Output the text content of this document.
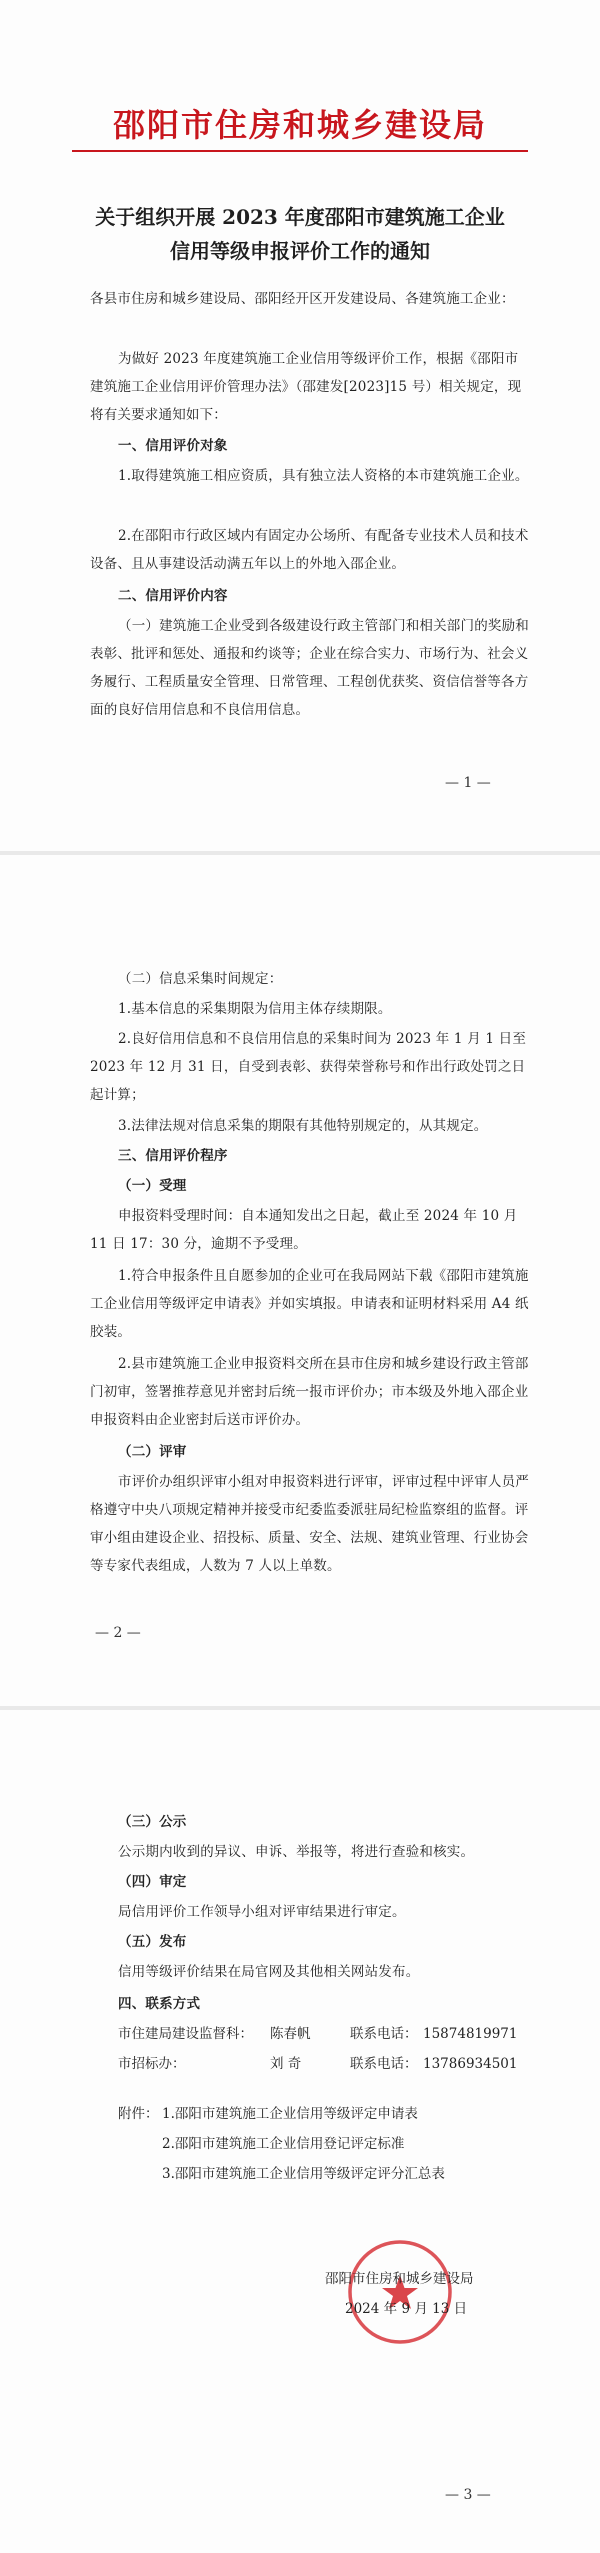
邵阳市住房和城乡建设局
关于组织开展 2023 年度邵阳市建筑施工企业
信用等级申报评价工作的通知

各县市住房和城乡建设局、邵阳经开区开发建设局、各建筑施工企业：

为做好 2023 年度建筑施工企业信用等级评价工作，根据《邵阳市建筑施工企业信用评价管理办法》（邵建发[2023]15 号）相关规定，现将有关要求通知如下：

一、信用评价对象

1.取得建筑施工相应资质，具有独立法人资格的本市建筑施工企业。

2.在邵阳市行政区域内有固定办公场所、有配备专业技术人员和技术设备、且从事建设活动满五年以上的外地入邵企业。

二、信用评价内容

（一）建筑施工企业受到各级建设行政主管部门和相关部门的奖励和表彰、批评和惩处、通报和约谈等；企业在综合实力、市场行为、社会义务履行、工程质量安全管理、日常管理、工程创优获奖、资信信誉等各方面的良好信用信息和不良信用信息。

— 1 —

（二）信息采集时间规定：

1.基本信息的采集期限为信用主体存续期限。

2.良好信用信息和不良信用信息的采集时间为 2023 年 1 月 1 日至 2023 年 12 月 31 日，自受到表彰、获得荣誉称号和作出行政处罚之日起计算；

3.法律法规对信息采集的期限有其他特别规定的，从其规定。

三、信用评价程序

（一）受理

申报资料受理时间：自本通知发出之日起，截止至 2024 年 10 月 11 日 17：30 分，逾期不予受理。

1.符合申报条件且自愿参加的企业可在我局网站下载《邵阳市建筑施工企业信用等级评定申请表》并如实填报。申请表和证明材料采用 A4 纸胶装。

2.县市建筑施工企业申报资料交所在县市住房和城乡建设行政主管部门初审，签署推荐意见并密封后统一报市评价办；市本级及外地入邵企业申报资料由企业密封后送市评价办。

（二）评审

市评价办组织评审小组对申报资料进行评审，评审过程中评审人员严格遵守中央八项规定精神并接受市纪委监委派驻局纪检监察组的监督。评审小组由建设企业、招投标、质量、安全、法规、建筑业管理、行业协会等专家代表组成，人数为 7 人以上单数。

— 2 —

（三）公示

公示期内收到的异议、申诉、举报等，将进行查验和核实。

（四）审定

局信用评价工作领导小组对评审结果进行审定。

（五）发布

信用等级评价结果在局官网及其他相关网站发布。

四、联系方式

市住建局建设监督科： 陈春帆	联系电话： 15874819971
市招标办：	刘 奇	联系电话： 13786934501
附件： 1.邵阳市建筑施工企业信用等级评定申请表
2.邵阳市建筑施工企业信用登记评定标准
3.邵阳市建筑施工企业信用等级评定评分汇总表
邵阳市住房和城乡建设局
2024 年 9 月 13 日
— 3 —
